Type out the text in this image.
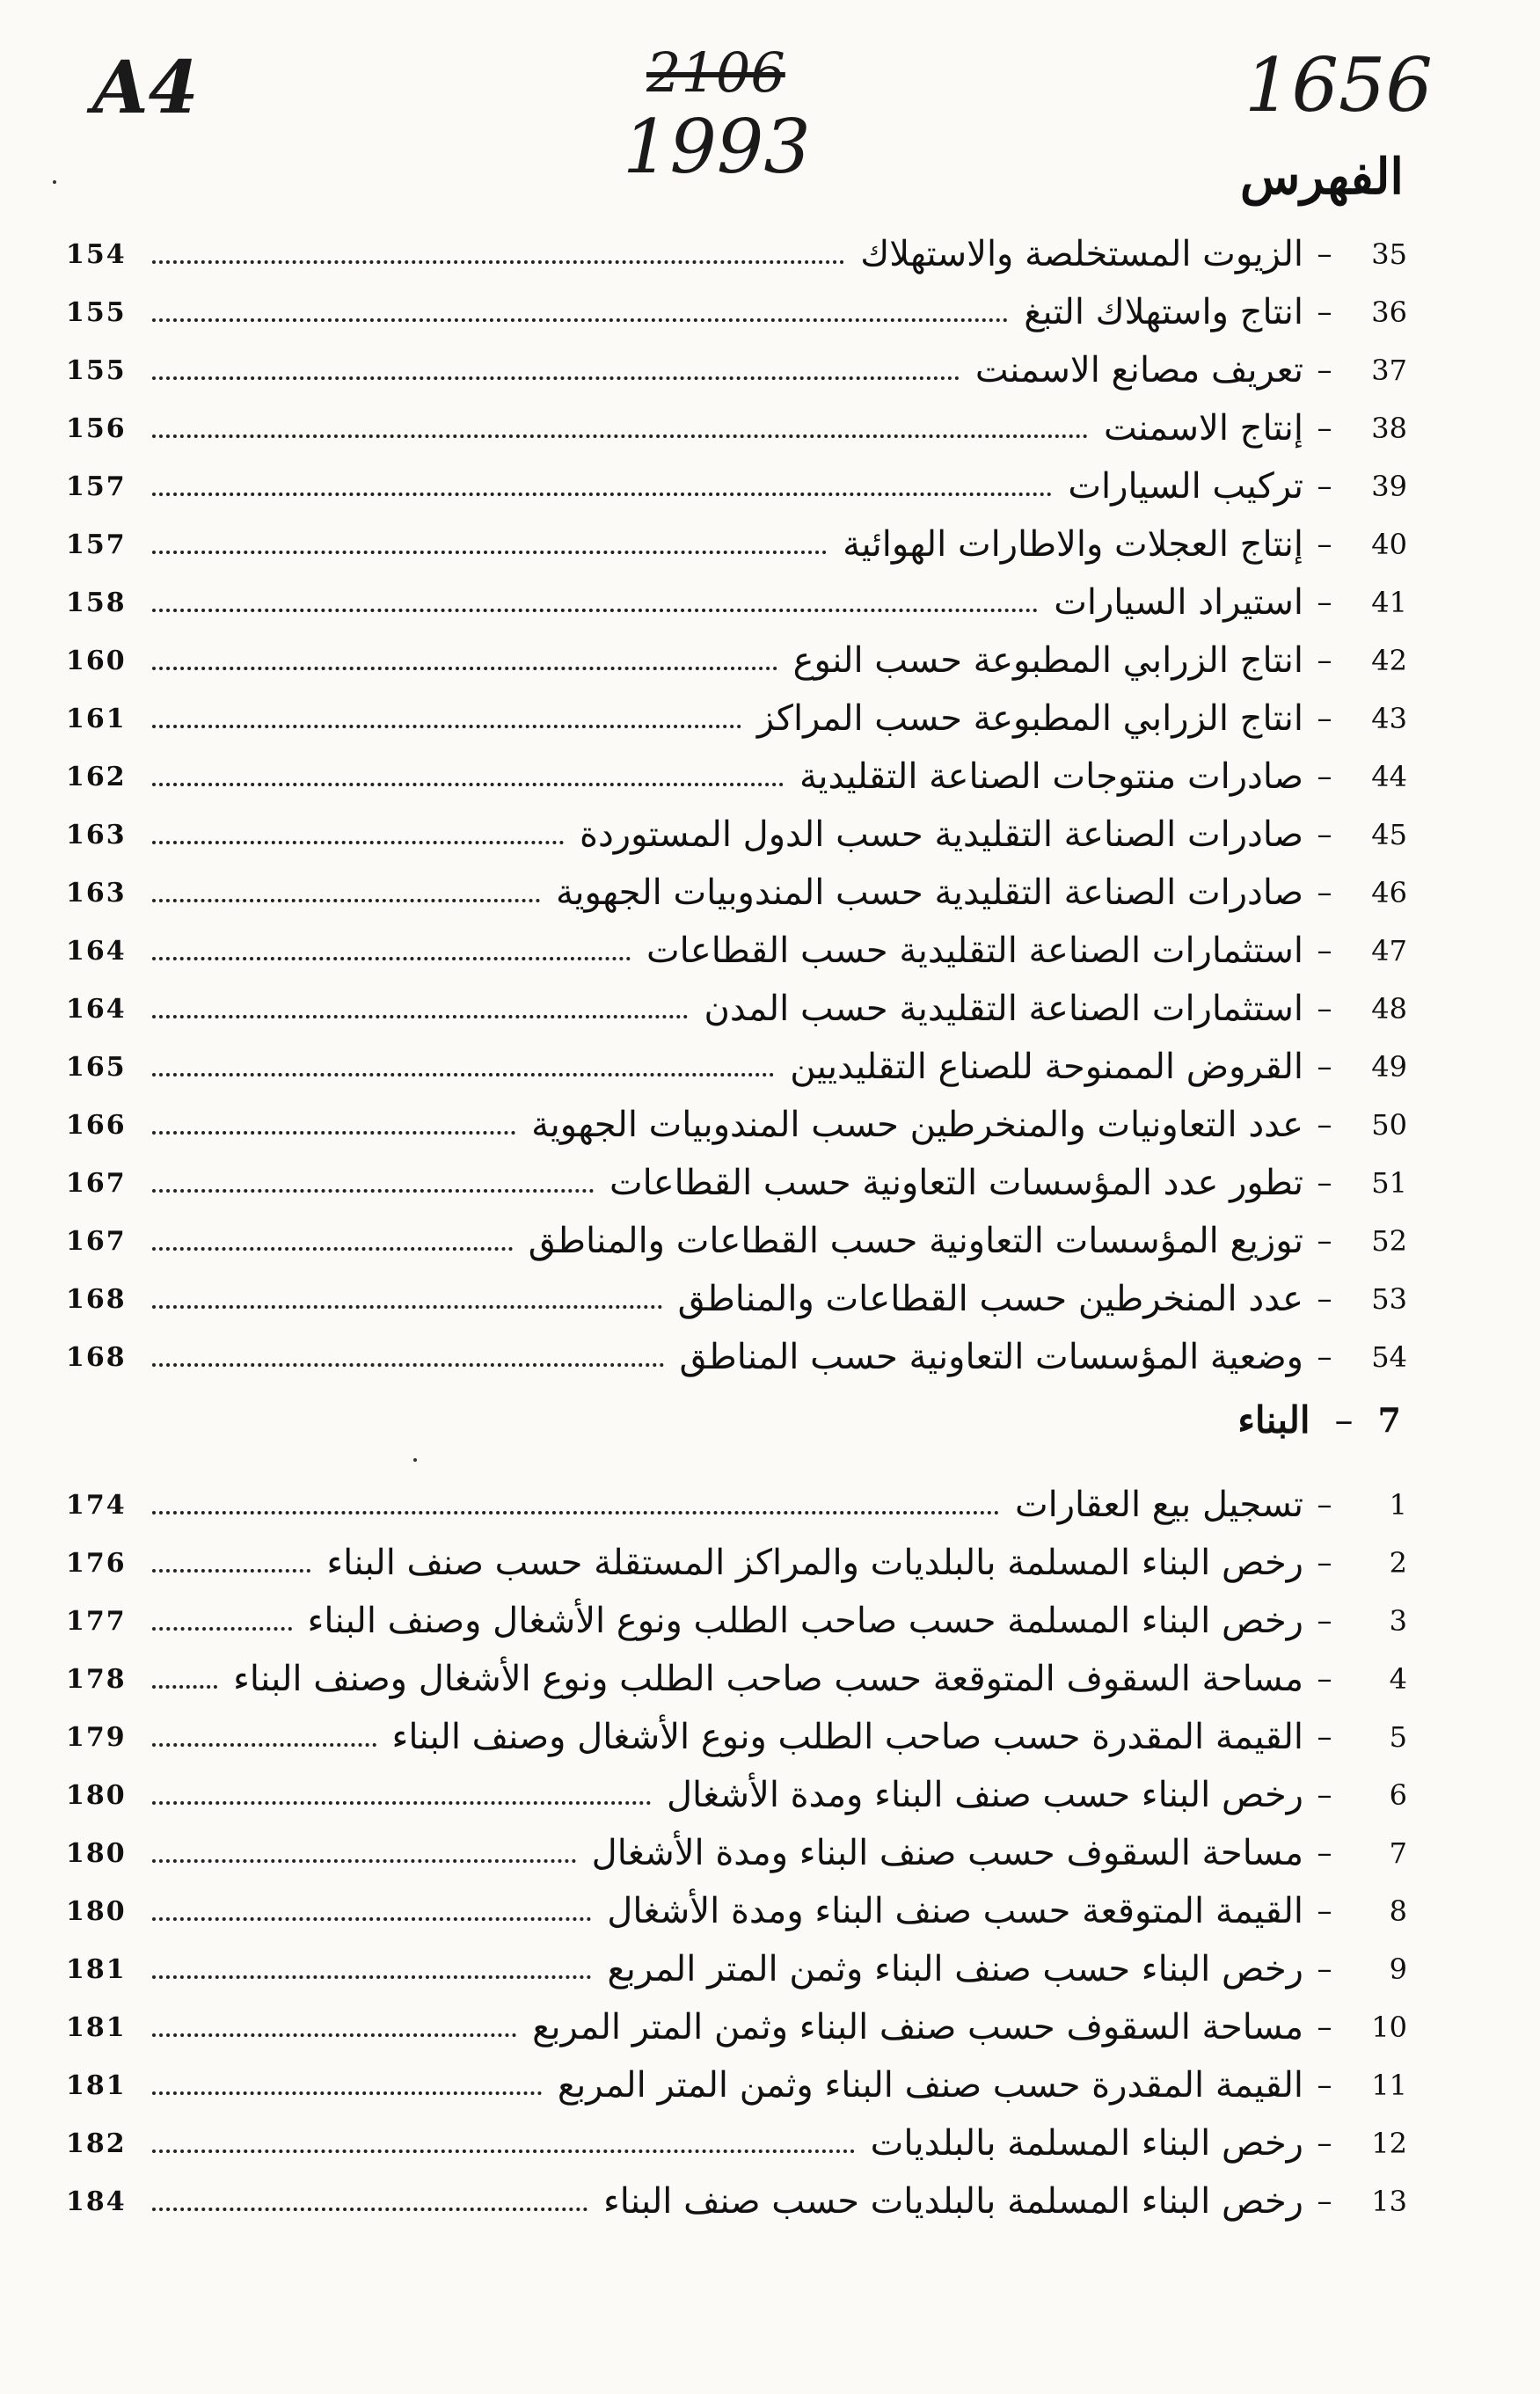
A4	2106
1993
1656
الفهرس
35
–
الزيوت المستخلصة والاستهلاك
154
36
–
انتاج واستهلاك التبغ
155
37
–
تعريف مصانع الاسمنت
155
38
–
إنتاج الاسمنت
156
39
–
تركيب السيارات
157
40
–
إنتاج العجلات والاطارات الهوائية
157
41
–
استيراد السيارات
158
42
–
انتاج الزرابي المطبوعة حسب النوع
160
43
–
انتاج الزرابي المطبوعة حسب المراكز
161
44
–
صادرات منتوجات الصناعة التقليدية
162
45
–
صادرات الصناعة التقليدية حسب الدول المستوردة
163
46
–
صادرات الصناعة التقليدية حسب المندوبيات الجهوية
163
47
–
استثمارات الصناعة التقليدية حسب القطاعات
164
48
–
استثمارات الصناعة التقليدية حسب المدن
164
49
–
القروض الممنوحة للصناع التقليديين
165
50
–
عدد التعاونيات والمنخرطين حسب المندوبيات الجهوية
166
51
–
تطور عدد المؤسسات التعاونية حسب القطاعات
167
52
–
توزيع المؤسسات التعاونية حسب القطاعات والمناطق
167
53
–
عدد المنخرطين حسب القطاعات والمناطق
168
54
–
وضعية المؤسسات التعاونية حسب المناطق
168
7
–
البناء
1
–
تسجيل بيع العقارات
174
2
–
رخص البناء المسلمة بالبلديات والمراكز المستقلة حسب صنف البناء
176
3
–
رخص البناء المسلمة حسب صاحب الطلب ونوع الأشغال وصنف البناء
177
4
–
مساحة السقوف المتوقعة حسب صاحب الطلب ونوع الأشغال وصنف البناء
178
5
–
القيمة المقدرة حسب صاحب الطلب ونوع الأشغال وصنف البناء
179
6
–
رخص البناء حسب صنف البناء ومدة الأشغال
180
7
–
مساحة السقوف حسب صنف البناء ومدة الأشغال
180
8
–
القيمة المتوقعة حسب صنف البناء ومدة الأشغال
180
9
–
رخص البناء حسب صنف البناء وثمن المتر المربع
181
10
–
مساحة السقوف حسب صنف البناء وثمن المتر المربع
181
11
–
القيمة المقدرة حسب صنف البناء وثمن المتر المربع
181
12
–
رخص البناء المسلمة بالبلديات
182
13
–
رخص البناء المسلمة بالبلديات حسب صنف البناء
184
